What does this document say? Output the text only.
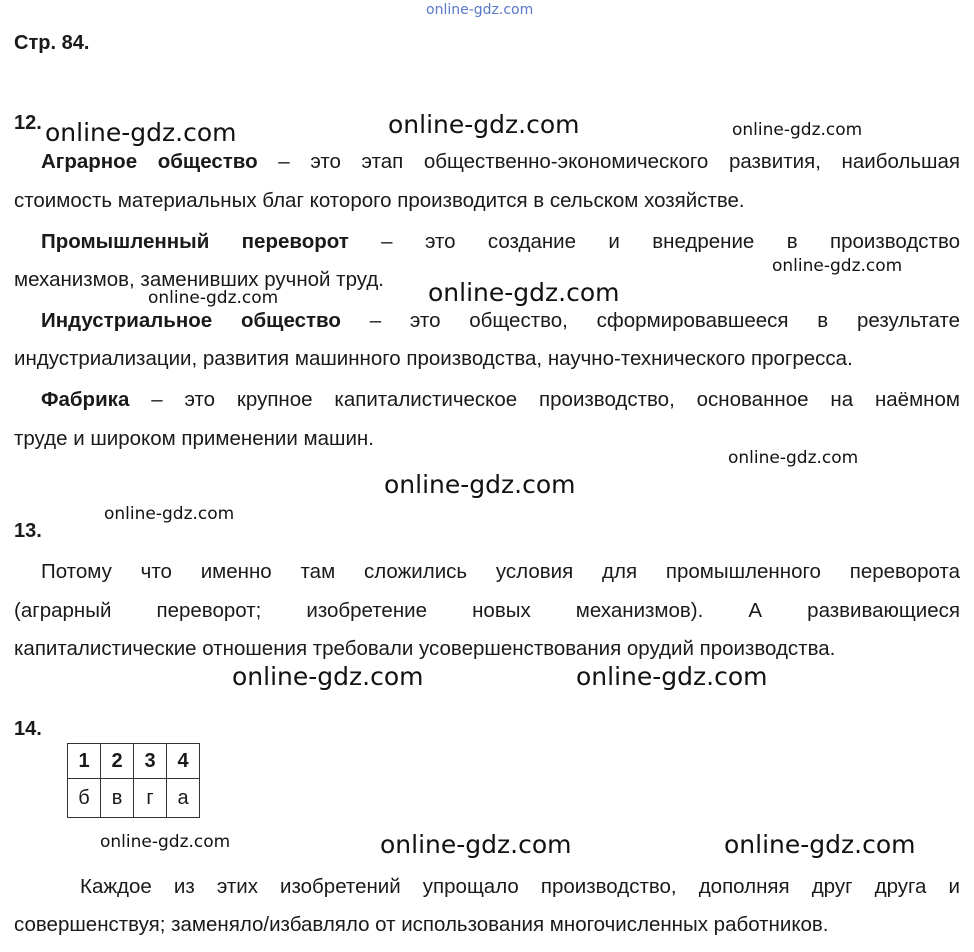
online-gdz.com
Стр. 84.
12.
Аграрное общество – это этап общественно-экономического развития, наибольшая
стоимость материальных благ которого производится в сельском хозяйстве.
Промышленный переворот – это создание и внедрение в производство
механизмов, заменивших ручной труд.
Индустриальное общество – это общество, сформировавшееся в результате
индустриализации, развития машинного производства, научно-технического прогресса.
Фабрика – это крупное капиталистическое производство, основанное на наёмном
труде и широком применении машин.
13.
Потому что именно там сложились условия для промышленного переворота
(аграрный переворот; изобретение новых механизмов). А развивающиеся
капиталистические отношения требовали усовершенствования орудий производства.
14.
1	2	3	4
б	в	г	а
Каждое из этих изобретений упрощало производство, дополняя друг друга и
совершенствуя; заменяло/избавляло от использования многочисленных работников.
online-gdz.com	online-gdz.com	online-gdz.com
online-gdz.com
online-gdz.com	online-gdz.com
online-gdz.com
online-gdz.com
online-gdz.com
online-gdz.com	online-gdz.com
online-gdz.com	online-gdz.com	online-gdz.com
